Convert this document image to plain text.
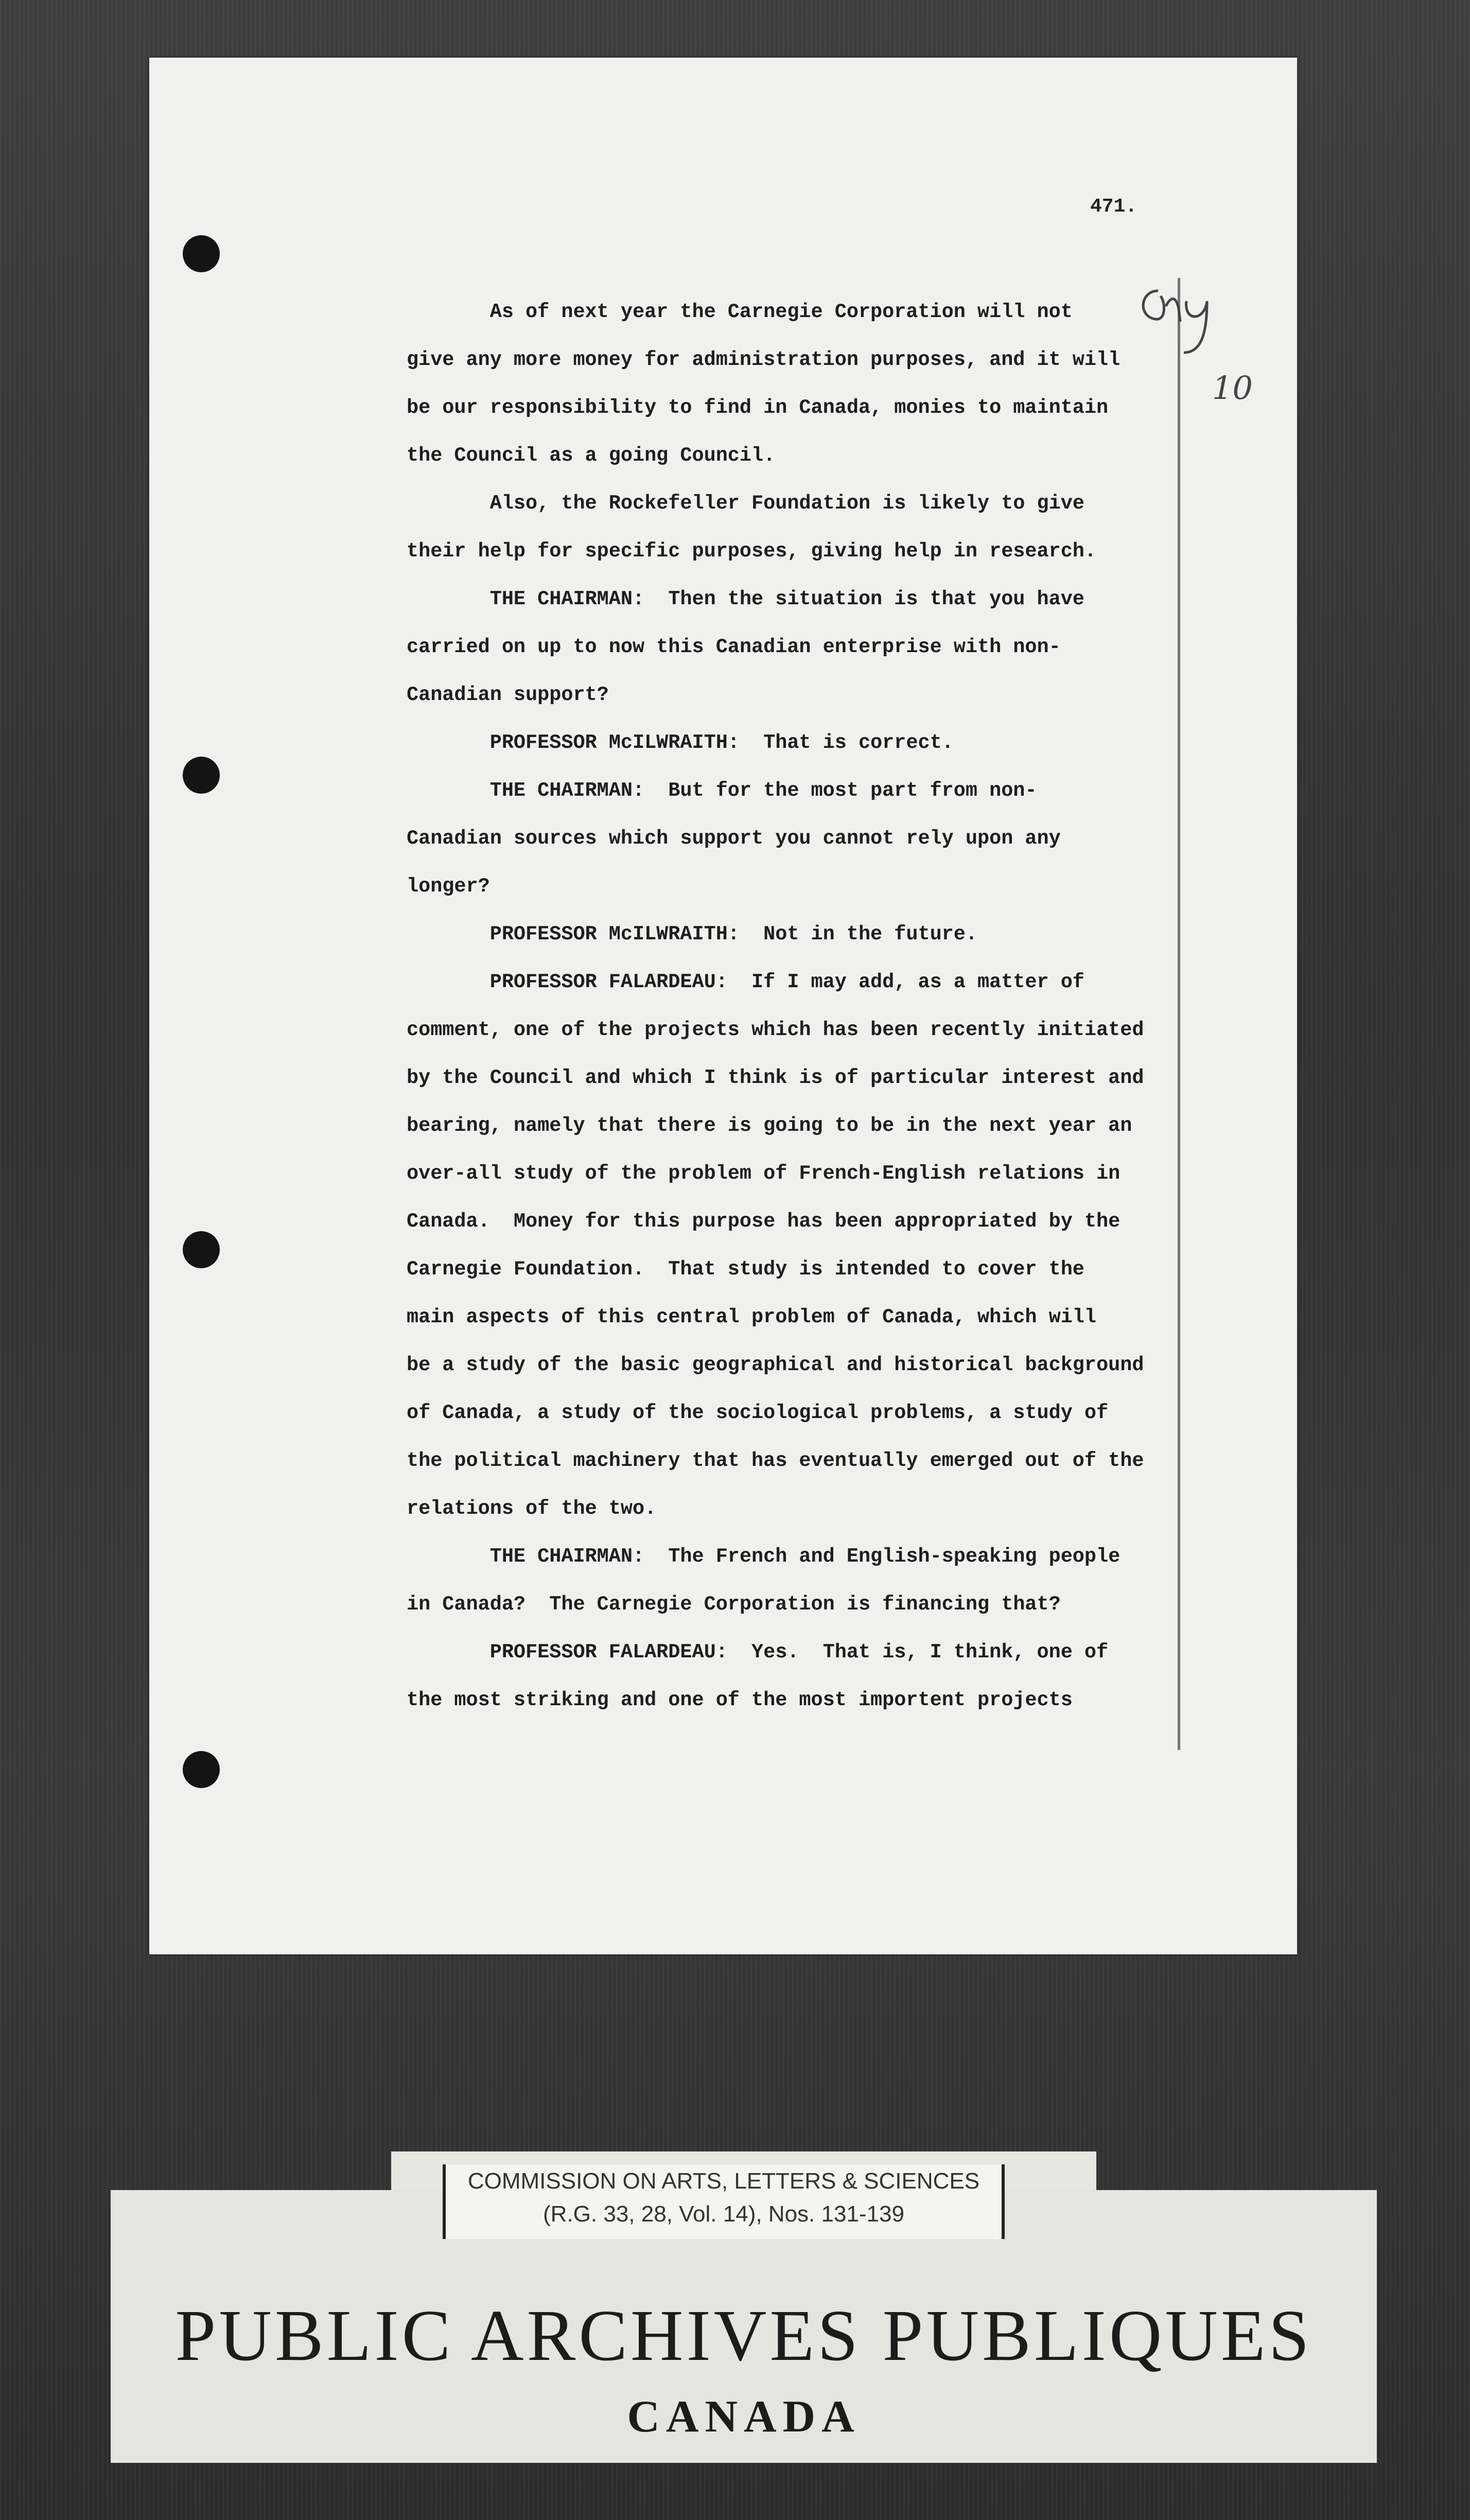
471.
As of next year the Carnegie Corporation will not
give any more money for administration purposes, and it will
be our responsibility to find in Canada, monies to maintain
the Council as a going Council.
Also, the Rockefeller Foundation is likely to give
their help for specific purposes, giving help in research.
THE CHAIRMAN:  Then the situation is that you have
carried on up to now this Canadian enterprise with non-
Canadian support?
PROFESSOR McILWRAITH:  That is correct.
THE CHAIRMAN:  But for the most part from non-
Canadian sources which support you cannot rely upon any
longer?
PROFESSOR McILWRAITH:  Not in the future.
PROFESSOR FALARDEAU:  If I may add, as a matter of
comment, one of the projects which has been recently initiated
by the Council and which I think is of particular interest and
bearing, namely that there is going to be in the next year an
over-all study of the problem of French-English relations in
Canada.  Money for this purpose has been appropriated by the
Carnegie Foundation.  That study is intended to cover the
main aspects of this central problem of Canada, which will
be a study of the basic geographical and historical background
of Canada, a study of the sociological problems, a study of
the political machinery that has eventually emerged out of the
relations of the two.
THE CHAIRMAN:  The French and English-speaking people
in Canada?  The Carnegie Corporation is financing that?
PROFESSOR FALARDEAU:  Yes.  That is, I think, one of
the most striking and one of the most importent projects
10
PUBLIC ARCHIVES PUBLIQUES
CANADA
COMMISSION ON ARTS, LETTERS & SCIENCES
(R.G. 33, 28, Vol. 14), Nos. 131-139
